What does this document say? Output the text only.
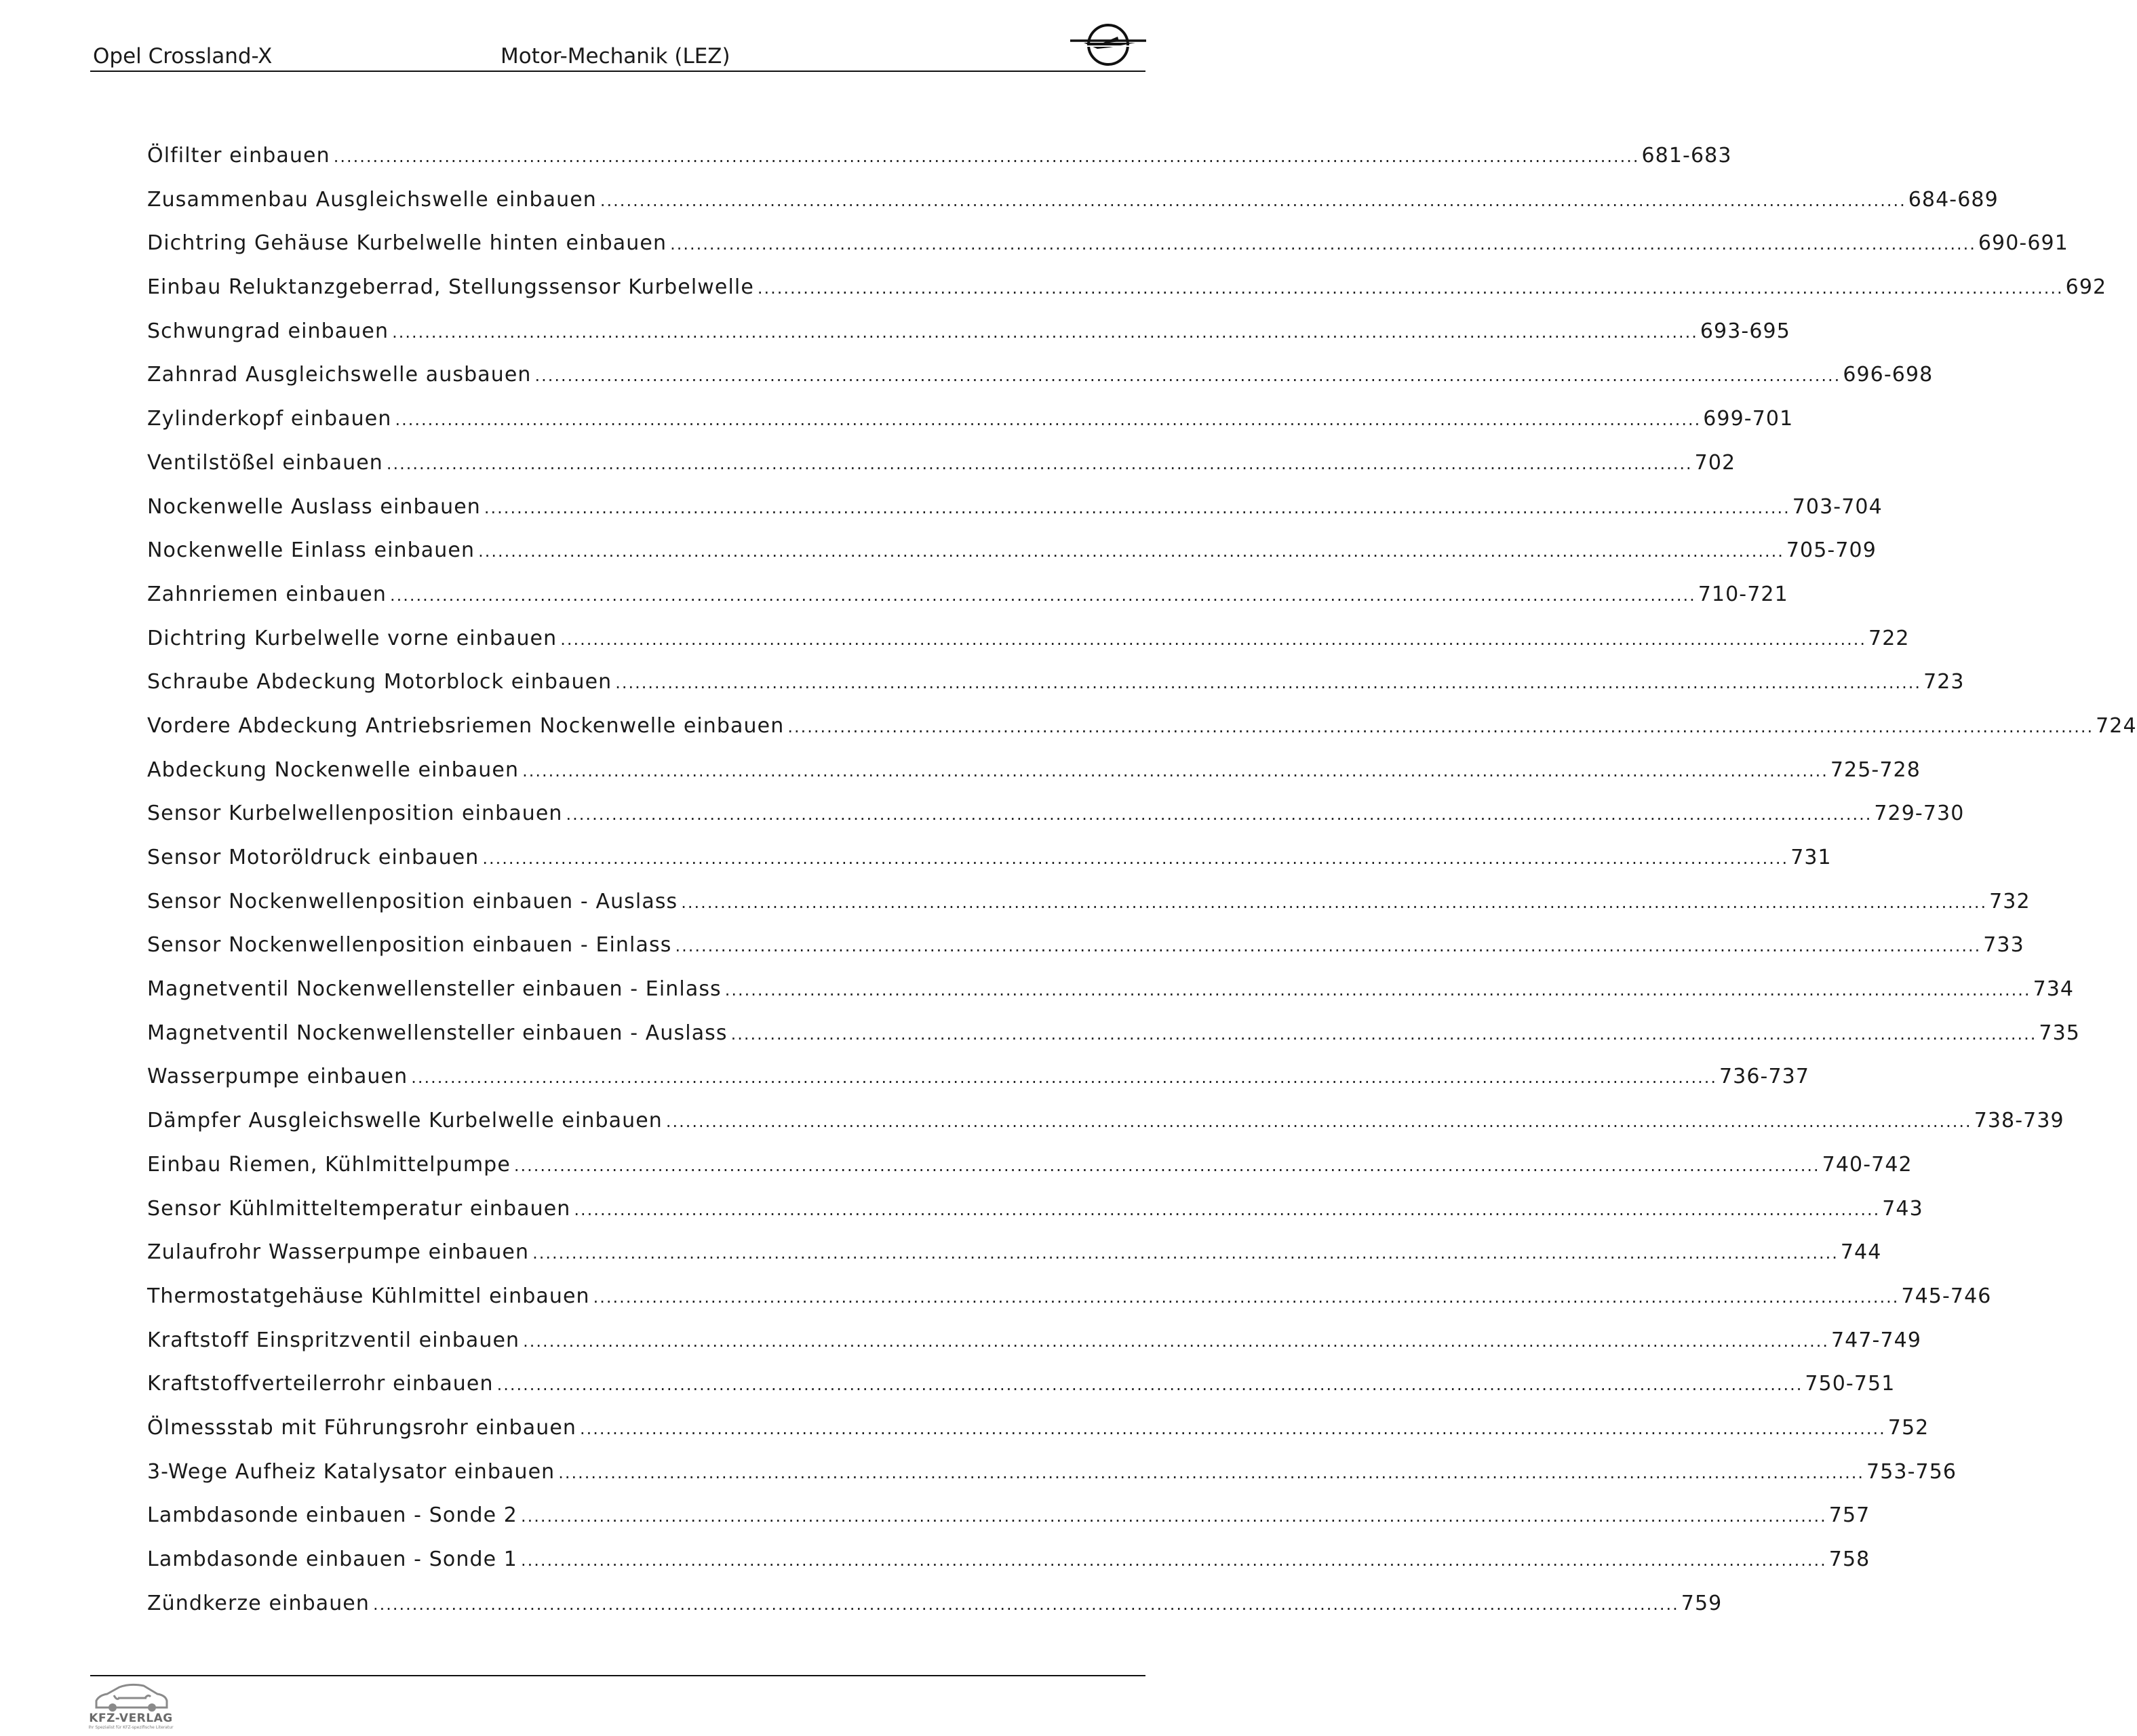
Opel Crossland-X	Motor-Mechanik (LEZ)
Ölfilter einbauen ........................................................................................................................................................................................................ 681-683
Zusammenbau Ausgleichswelle einbauen ........................................................................................................................................................................................................ 684-689
Dichtring Gehäuse Kurbelwelle hinten einbauen ........................................................................................................................................................................................................ 690-691
Einbau Reluktanzgeberrad, Stellungssensor Kurbelwelle ........................................................................................................................................................................................................ 692
Schwungrad einbauen ........................................................................................................................................................................................................ 693-695
Zahnrad Ausgleichswelle ausbauen ........................................................................................................................................................................................................ 696-698
Zylinderkopf einbauen ........................................................................................................................................................................................................ 699-701
Ventilstößel einbauen ........................................................................................................................................................................................................ 702
Nockenwelle Auslass einbauen ........................................................................................................................................................................................................ 703-704
Nockenwelle Einlass einbauen ........................................................................................................................................................................................................ 705-709
Zahnriemen einbauen ........................................................................................................................................................................................................ 710-721
Dichtring Kurbelwelle vorne einbauen ........................................................................................................................................................................................................ 722
Schraube Abdeckung Motorblock einbauen ........................................................................................................................................................................................................ 723
Vordere Abdeckung Antriebsriemen Nockenwelle einbauen ........................................................................................................................................................................................................ 724
Abdeckung Nockenwelle einbauen ........................................................................................................................................................................................................ 725-728
Sensor Kurbelwellenposition einbauen ........................................................................................................................................................................................................ 729-730
Sensor Motoröldruck einbauen ........................................................................................................................................................................................................ 731
Sensor Nockenwellenposition einbauen - Auslass ........................................................................................................................................................................................................ 732
Sensor Nockenwellenposition einbauen - Einlass ........................................................................................................................................................................................................ 733
Magnetventil Nockenwellensteller einbauen - Einlass ........................................................................................................................................................................................................ 734
Magnetventil Nockenwellensteller einbauen - Auslass ........................................................................................................................................................................................................ 735
Wasserpumpe einbauen ........................................................................................................................................................................................................ 736-737
Dämpfer Ausgleichswelle Kurbelwelle einbauen ........................................................................................................................................................................................................ 738-739
Einbau Riemen, Kühlmittelpumpe ........................................................................................................................................................................................................ 740-742
Sensor Kühlmitteltemperatur einbauen ........................................................................................................................................................................................................ 743
Zulaufrohr Wasserpumpe einbauen ........................................................................................................................................................................................................ 744
Thermostatgehäuse Kühlmittel einbauen ........................................................................................................................................................................................................ 745-746
Kraftstoff Einspritzventil einbauen ........................................................................................................................................................................................................ 747-749
Kraftstoffverteilerrohr einbauen ........................................................................................................................................................................................................ 750-751
Ölmessstab mit Führungsrohr einbauen ........................................................................................................................................................................................................ 752
3-Wege Aufheiz Katalysator einbauen ........................................................................................................................................................................................................ 753-756
Lambdasonde einbauen - Sonde 2 ........................................................................................................................................................................................................ 757
Lambdasonde einbauen - Sonde 1 ........................................................................................................................................................................................................ 758
Zündkerze einbauen ........................................................................................................................................................................................................ 759
KFZ-VERLAG
Ihr Spezialist für KFZ-spezifische Literatur
